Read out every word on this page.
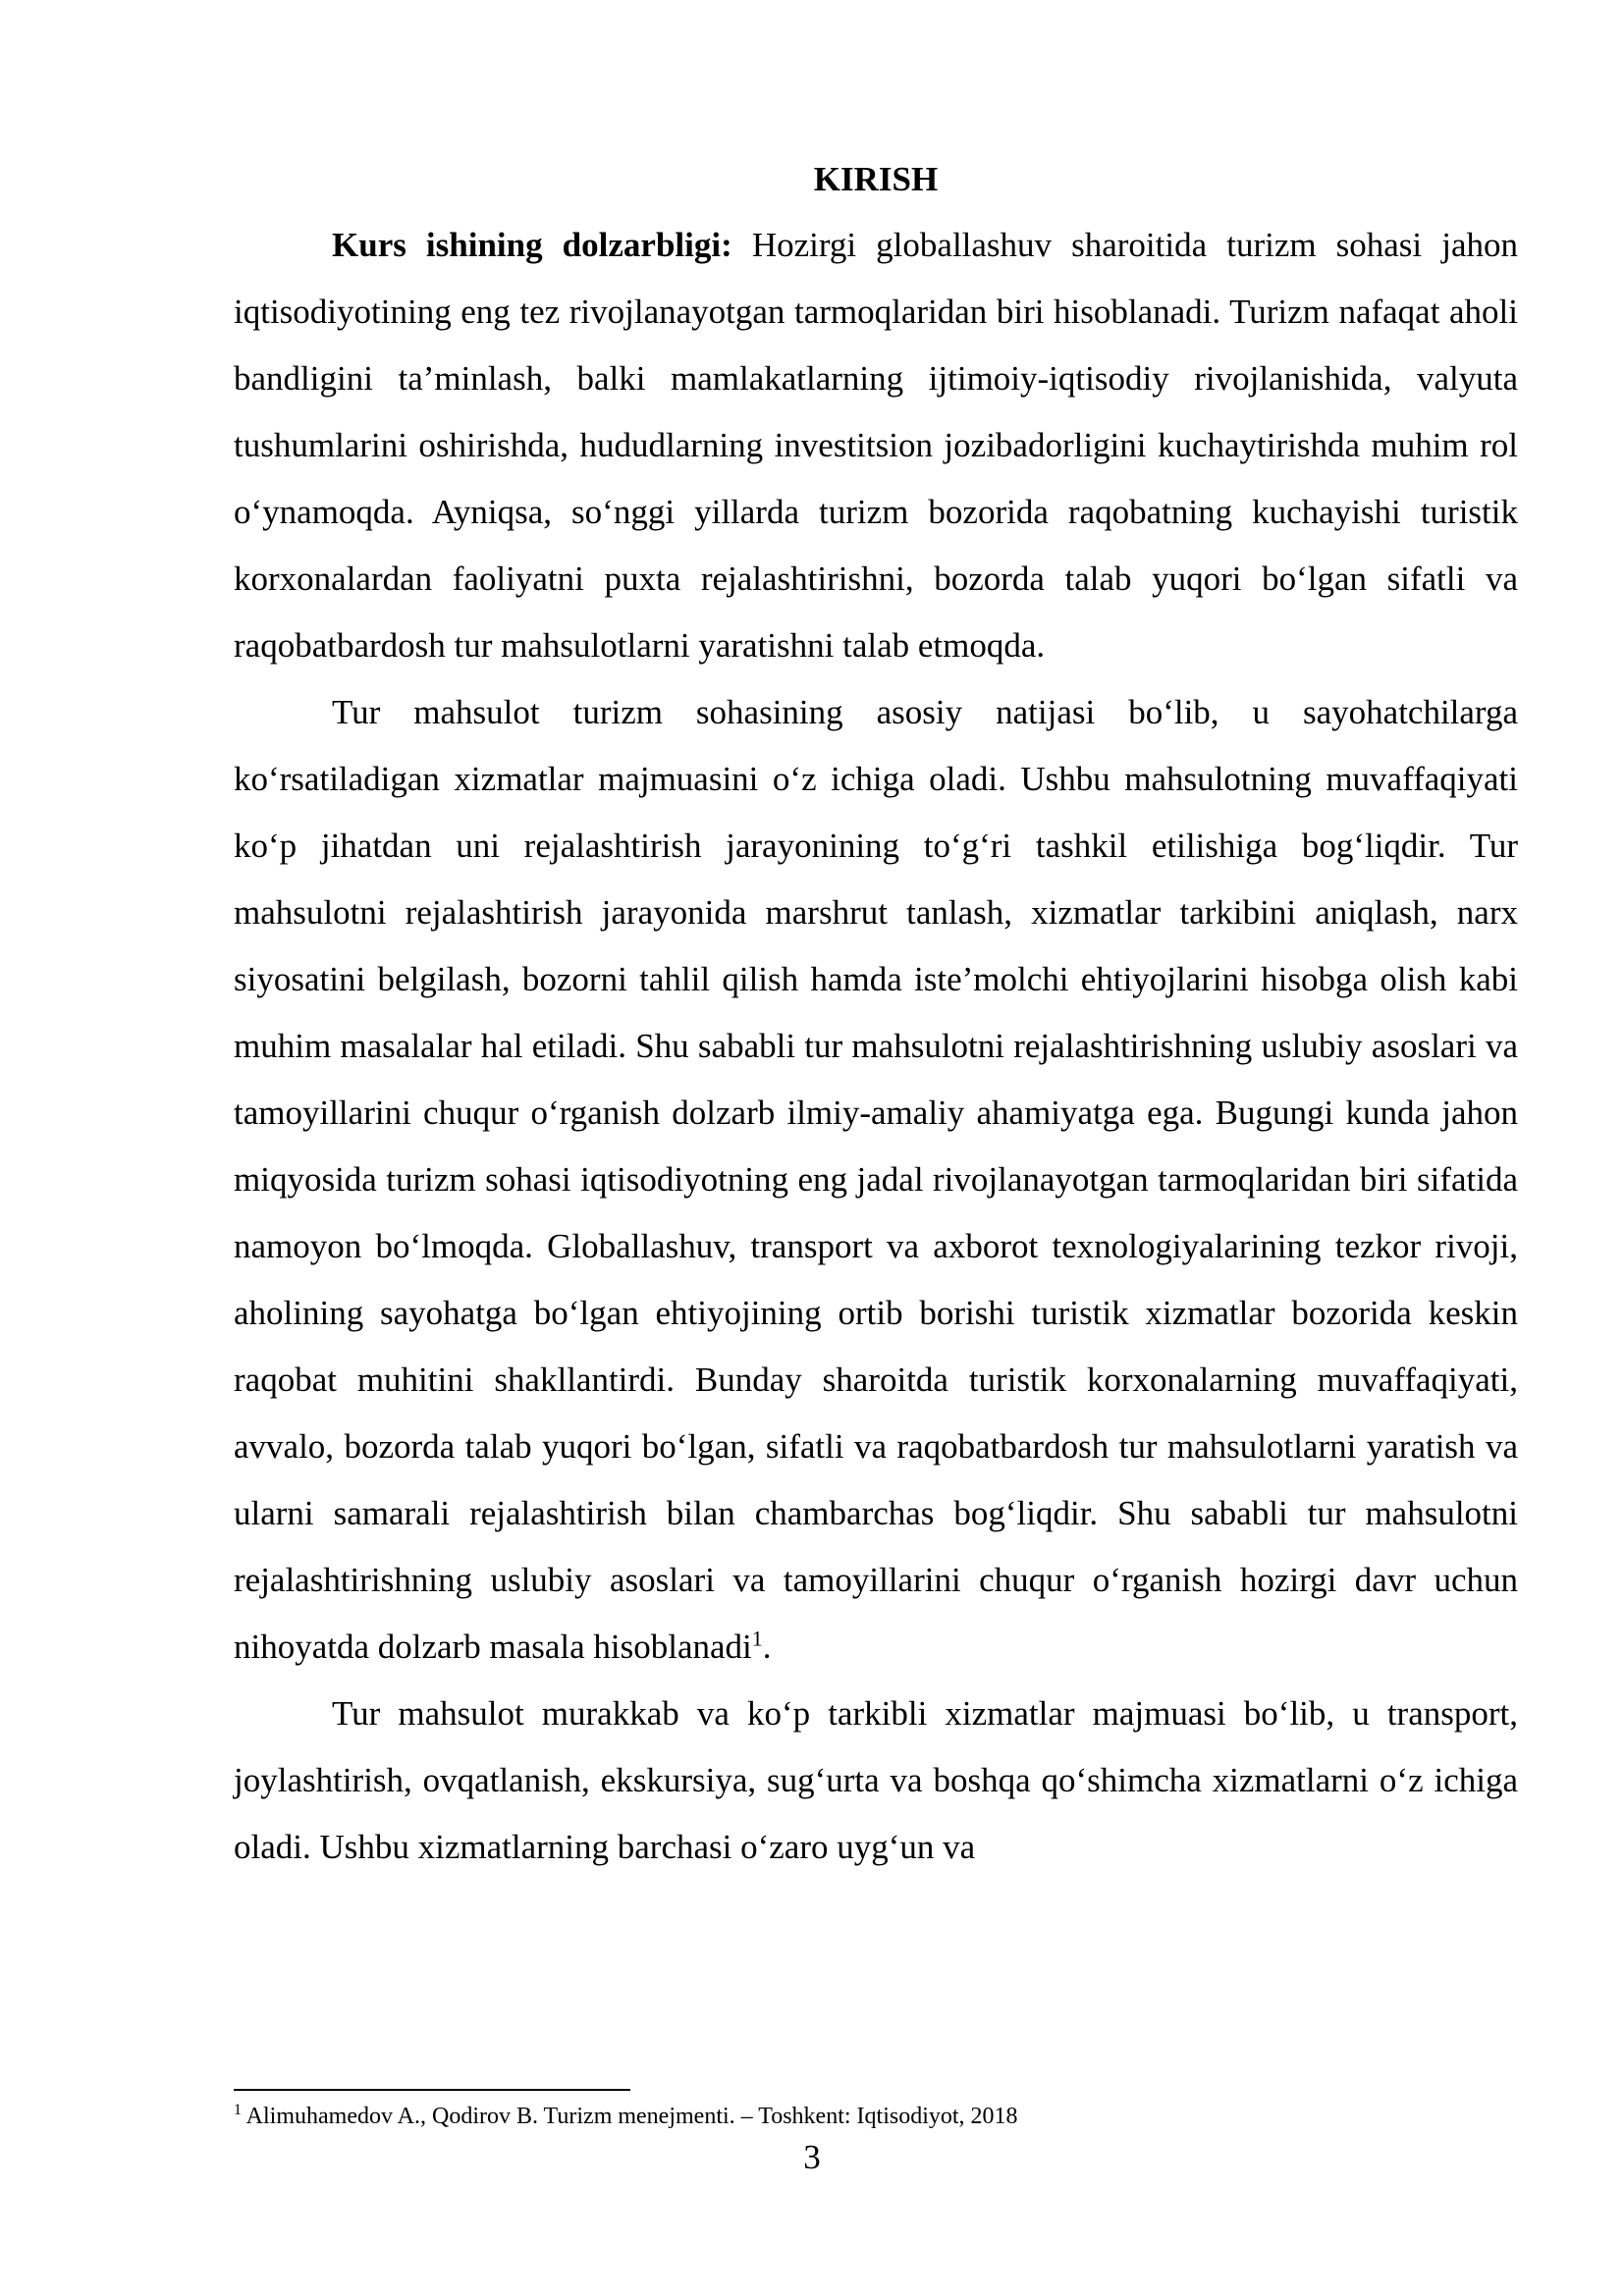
KIRISH

Kurs ishining dolzarbligi: Hozirgi globallashuv sharoitida turizm sohasi jahon iqtisodiyotining eng tez rivojlanayotgan tarmoqlaridan biri hisoblanadi. Turizm nafaqat aholi bandligini ta’minlash, balki mamlakatlarning ijtimoiy-iqtisodiy rivojlanishida, valyuta tushumlarini oshirishda, hududlarning investitsion jozibadorligini kuchaytirishda muhim rol o‘ynamoqda. Ayniqsa, so‘nggi yillarda turizm bozorida raqobatning kuchayishi turistik korxonalardan faoliyatni puxta rejalashtirishni, bozorda talab yuqori bo‘lgan sifatli va raqobatbardosh tur mahsulotlarni yaratishni talab etmoqda.

Tur mahsulot turizm sohasining asosiy natijasi bo‘lib, u sayohatchilarga ko‘rsatiladigan xizmatlar majmuasini o‘z ichiga oladi. Ushbu mahsulotning muvaffaqiyati ko‘p jihatdan uni rejalashtirish jarayonining to‘g‘ri tashkil etilishiga bog‘liqdir. Tur mahsulotni rejalashtirish jarayonida marshrut tanlash, xizmatlar tarkibini aniqlash, narx siyosatini belgilash, bozorni tahlil qilish hamda iste’molchi ehtiyojlarini hisobga olish kabi muhim masalalar hal etiladi. Shu sababli tur mahsulotni rejalashtirishning uslubiy asoslari va tamoyillarini chuqur o‘rganish dolzarb ilmiy-amaliy ahamiyatga ega. Bugungi kunda jahon miqyosida turizm sohasi iqtisodiyotning eng jadal rivojlanayotgan tarmoqlaridan biri sifatida namoyon bo‘lmoqda. Globallashuv, transport va axborot texnologiyalarining tezkor rivoji, aholining sayohatga bo‘lgan ehtiyojining ortib borishi turistik xizmatlar bozorida keskin raqobat muhitini shakllantirdi. Bunday sharoitda turistik korxonalarning muvaffaqiyati, avvalo, bozorda talab yuqori bo‘lgan, sifatli va raqobatbardosh tur mahsulotlarni yaratish va ularni samarali rejalashtirish bilan chambarchas bog‘liqdir. Shu sababli tur mahsulotni rejalashtirishning uslubiy asoslari va tamoyillarini chuqur o‘rganish hozirgi davr uchun nihoyatda dolzarb masala hisoblanadi$^1$.

Tur mahsulot murakkab va ko‘p tarkibli xizmatlar majmuasi bo‘lib, u transport, joylashtirish, ovqatlanish, ekskursiya, sug‘urta va boshqa qo‘shimcha xizmatlarni o‘z ichiga oladi. Ushbu xizmatlarning barchasi o‘zaro uyg‘un va

$^1$ Alimuhamedov A., Qodirov B. Turizm menejmenti. – Toshkent: Iqtisodiyot, 2018

3
